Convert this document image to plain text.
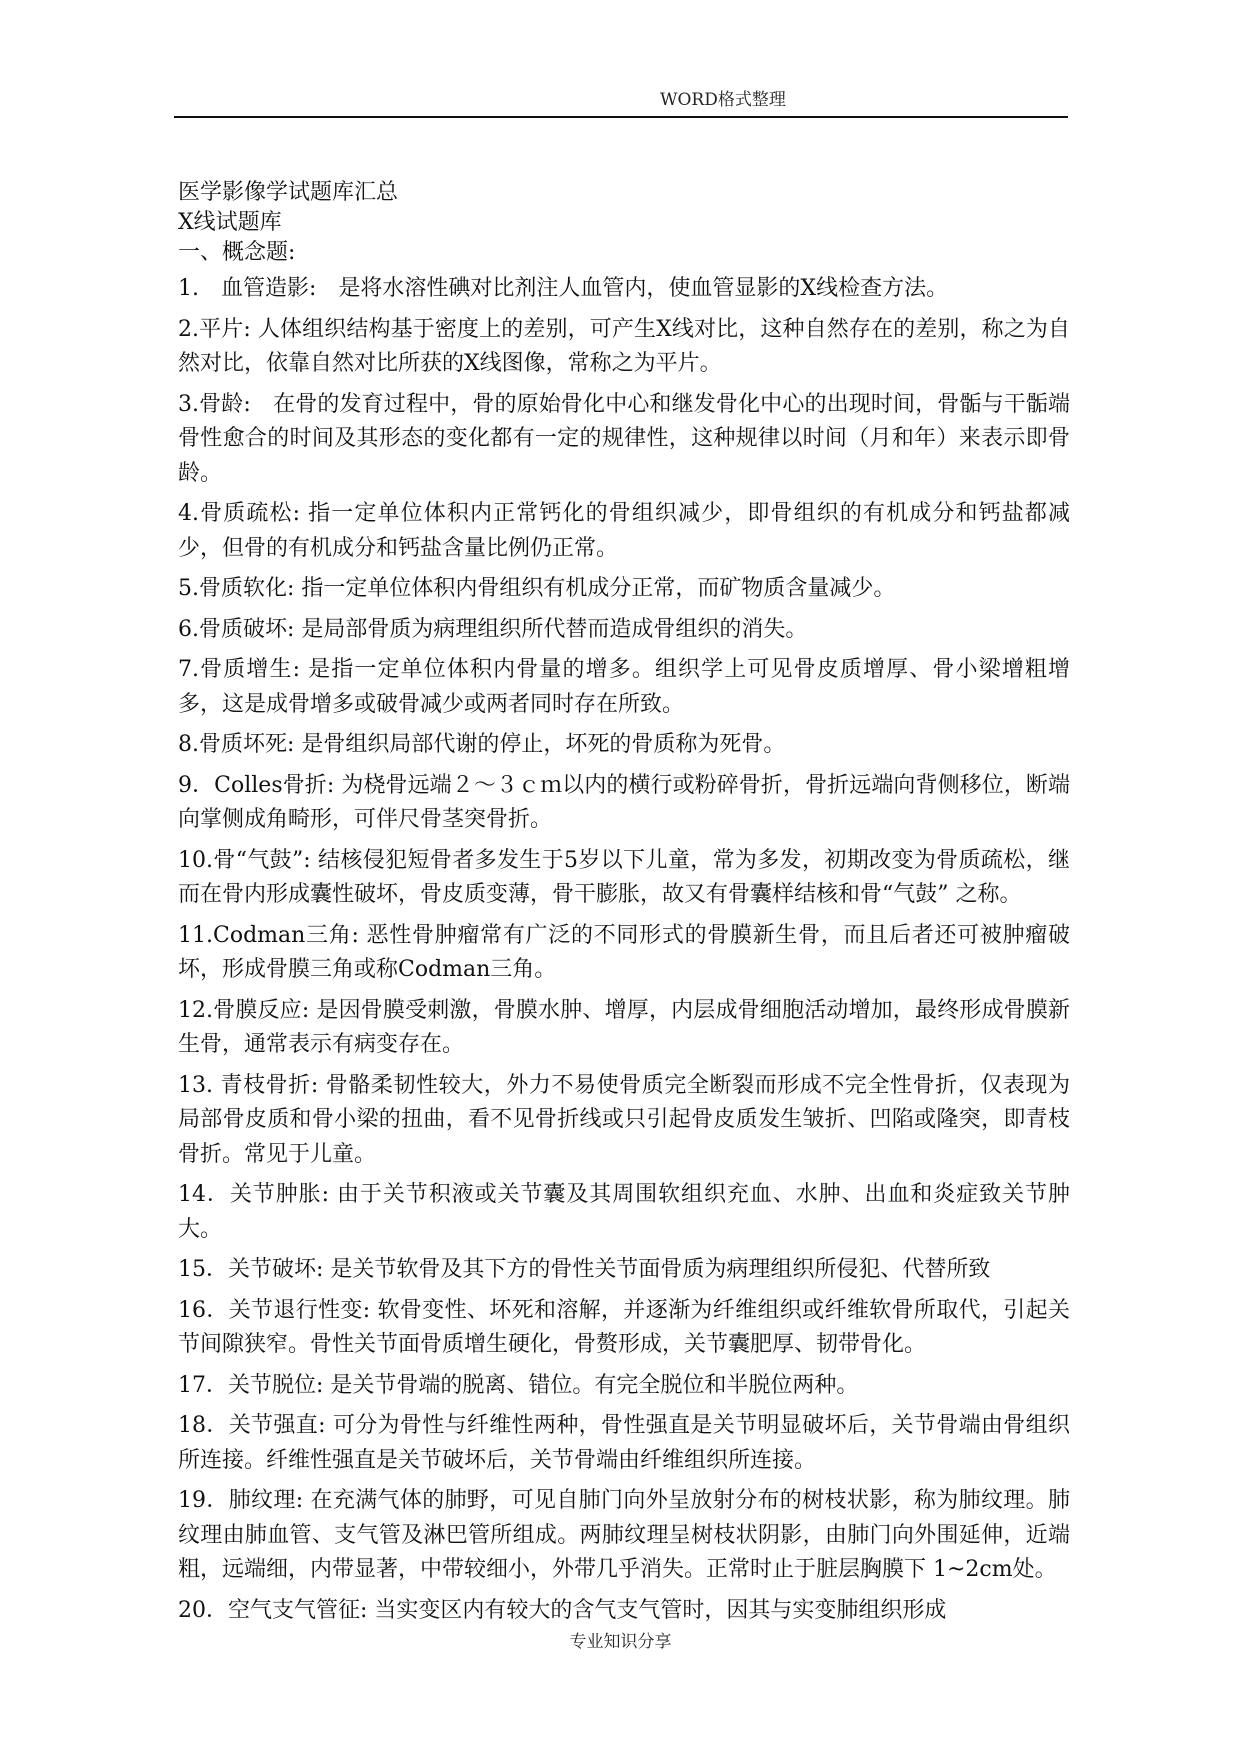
WORD格式整理

医学影像学试题库汇总

X线试题库

一、概念题:

1.　血管造影:　是将水溶性碘对比剂注人血管内，使血管显影的X线检查方法。

2.平片: 人体组织结构基于密度上的差别，可产生X线对比，这种自然存在的差别，称之为自然对比，依靠自然对比所获的X线图像，常称之为平片。

3.骨龄:　在骨的发育过程中，骨的原始骨化中心和继发骨化中心的出现时间，骨骺与干骺端骨性愈合的时间及其形态的变化都有一定的规律性，这种规律以时间（月和年）来表示即骨龄。

4.骨质疏松: 指一定单位体积内正常钙化的骨组织减少，即骨组织的有机成分和钙盐都减少，但骨的有机成分和钙盐含量比例仍正常。

5.骨质软化: 指一定单位体积内骨组织有机成分正常，而矿物质含量减少。

6.骨质破坏: 是局部骨质为病理组织所代替而造成骨组织的消失。

7.骨质增生: 是指一定单位体积内骨量的增多。组织学上可见骨皮质增厚、骨小梁增粗增多，这是成骨增多或破骨减少或两者同时存在所致。

8.骨质坏死: 是骨组织局部代谢的停止，坏死的骨质称为死骨。

9．Colles骨折: 为桡骨远端２～３ｃｍ以内的横行或粉碎骨折，骨折远端向背侧移位，断端向掌侧成角畸形，可伴尺骨茎突骨折。

10.骨“气鼓”: 结核侵犯短骨者多发生于5岁以下儿童，常为多发，初期改变为骨质疏松，继而在骨内形成囊性破坏，骨皮质变薄，骨干膨胀，故又有骨囊样结核和骨“气鼓” 之称。

11.Codman三角: 恶性骨肿瘤常有广泛的不同形式的骨膜新生骨，而且后者还可被肿瘤破坏，形成骨膜三角或称Codman三角。

12.骨膜反应: 是因骨膜受刺激，骨膜水肿、增厚，内层成骨细胞活动增加，最终形成骨膜新生骨，通常表示有病变存在。

13. 青枝骨折: 骨骼柔韧性较大，外力不易使骨质完全断裂而形成不完全性骨折，仅表现为局部骨皮质和骨小梁的扭曲，看不见骨折线或只引起骨皮质发生皱折、凹陷或隆突，即青枝骨折。常见于儿童。

14．关节肿胀: 由于关节积液或关节囊及其周围软组织充血、水肿、出血和炎症致关节肿大。

15．关节破坏: 是关节软骨及其下方的骨性关节面骨质为病理组织所侵犯、代替所致

16．关节退行性变: 软骨变性、坏死和溶解，并逐渐为纤维组织或纤维软骨所取代，引起关节间隙狭窄。骨性关节面骨质增生硬化，骨赘形成，关节囊肥厚、韧带骨化。

17．关节脱位: 是关节骨端的脱离、错位。有完全脱位和半脱位两种。

18．关节强直: 可分为骨性与纤维性两种，骨性强直是关节明显破坏后，关节骨端由骨组织所连接。纤维性强直是关节破坏后，关节骨端由纤维组织所连接。

19．肺纹理: 在充满气体的肺野，可见自肺门向外呈放射分布的树枝状影，称为肺纹理。肺纹理由肺血管、支气管及淋巴管所组成。两肺纹理呈树枝状阴影，由肺门向外围延伸，近端粗，远端细，内带显著，中带较细小，外带几乎消失。正常时止于脏层胸膜下 1~2cm处。

20．空气支气管征: 当实变区内有较大的含气支气管时，因其与实变肺组织形成

专业知识分享
